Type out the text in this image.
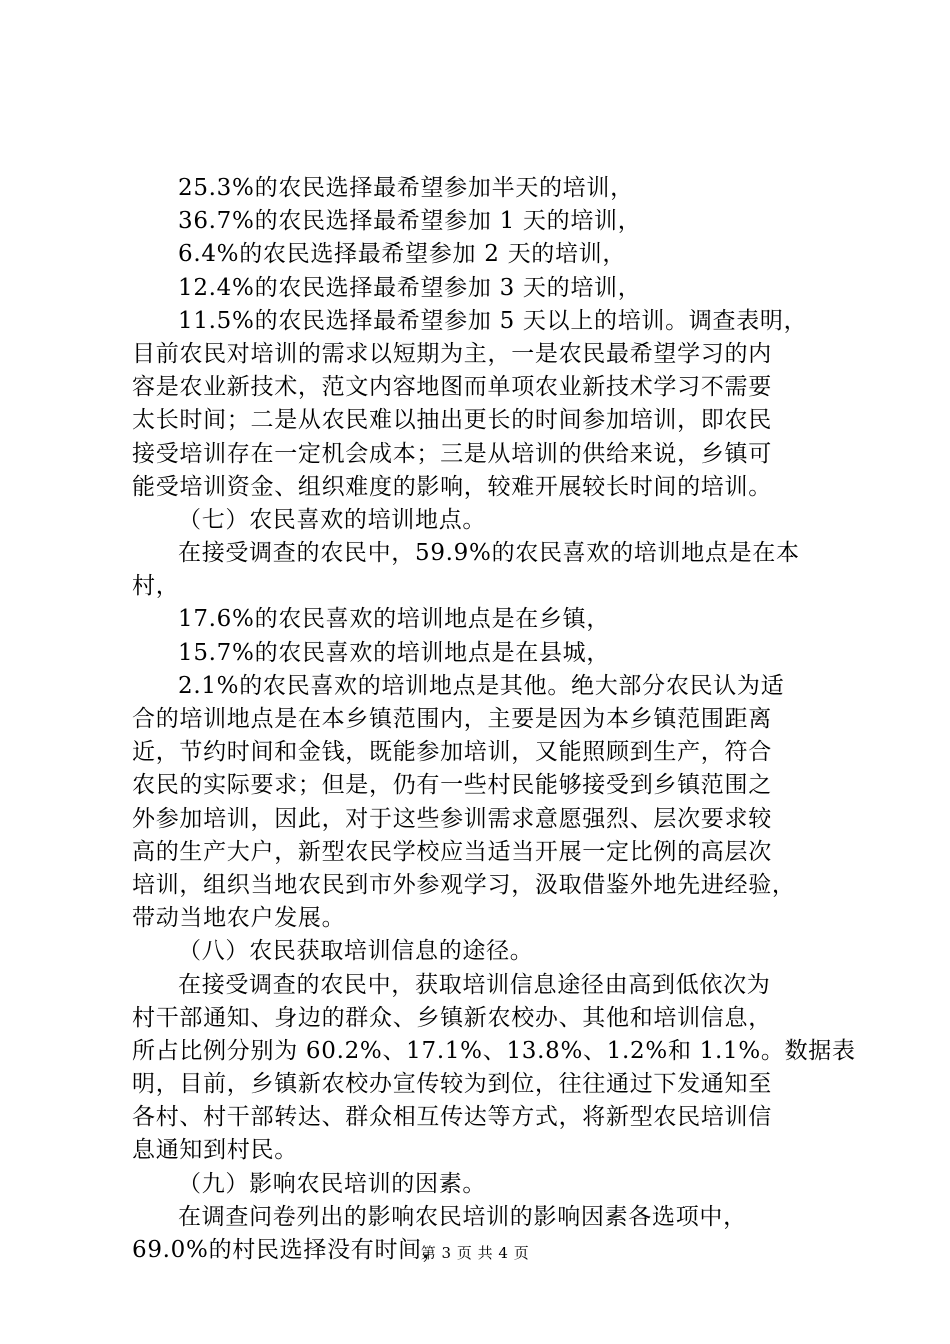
25.3%的农民选择最希望参加半天的培训，
36.7%的农民选择最希望参加 1 天的培训，
6.4%的农民选择最希望参加 2 天的培训，
12.4%的农民选择最希望参加 3 天的培训，
11.5%的农民选择最希望参加 5 天以上的培训。调查表明，
目前农民对培训的需求以短期为主，一是农民最希望学习的内
容是农业新技术，范文内容地图而单项农业新技术学习不需要
太长时间；二是从农民难以抽出更长的时间参加培训，即农民
接受培训存在一定机会成本；三是从培训的供给来说，乡镇可
能受培训资金、组织难度的影响，较难开展较长时间的培训。
（七）农民喜欢的培训地点。
在接受调查的农民中，59.9%的农民喜欢的培训地点是在本
村，
17.6%的农民喜欢的培训地点是在乡镇，
15.7%的农民喜欢的培训地点是在县城，
2.1%的农民喜欢的培训地点是其他。绝大部分农民认为适
合的培训地点是在本乡镇范围内，主要是因为本乡镇范围距离
近，节约时间和金钱，既能参加培训，又能照顾到生产，符合
农民的实际要求；但是，仍有一些村民能够接受到乡镇范围之
外参加培训，因此，对于这些参训需求意愿强烈、层次要求较
高的生产大户，新型农民学校应当适当开展一定比例的高层次
培训，组织当地农民到市外参观学习，汲取借鉴外地先进经验，
带动当地农户发展。
（八）农民获取培训信息的途径。
在接受调查的农民中，获取培训信息途径由高到低依次为
村干部通知、身边的群众、乡镇新农校办、其他和培训信息，
所占比例分别为 60.2%、17.1%、13.8%、1.2%和 1.1%。数据表
明，目前，乡镇新农校办宣传较为到位，往往通过下发通知至
各村、村干部转达、群众相互传达等方式，将新型农民培训信
息通知到村民。
（九）影响农民培训的因素。
在调查问卷列出的影响农民培训的影响因素各选项中，
69.0%的村民选择没有时间，
第 3 页 共 4 页
